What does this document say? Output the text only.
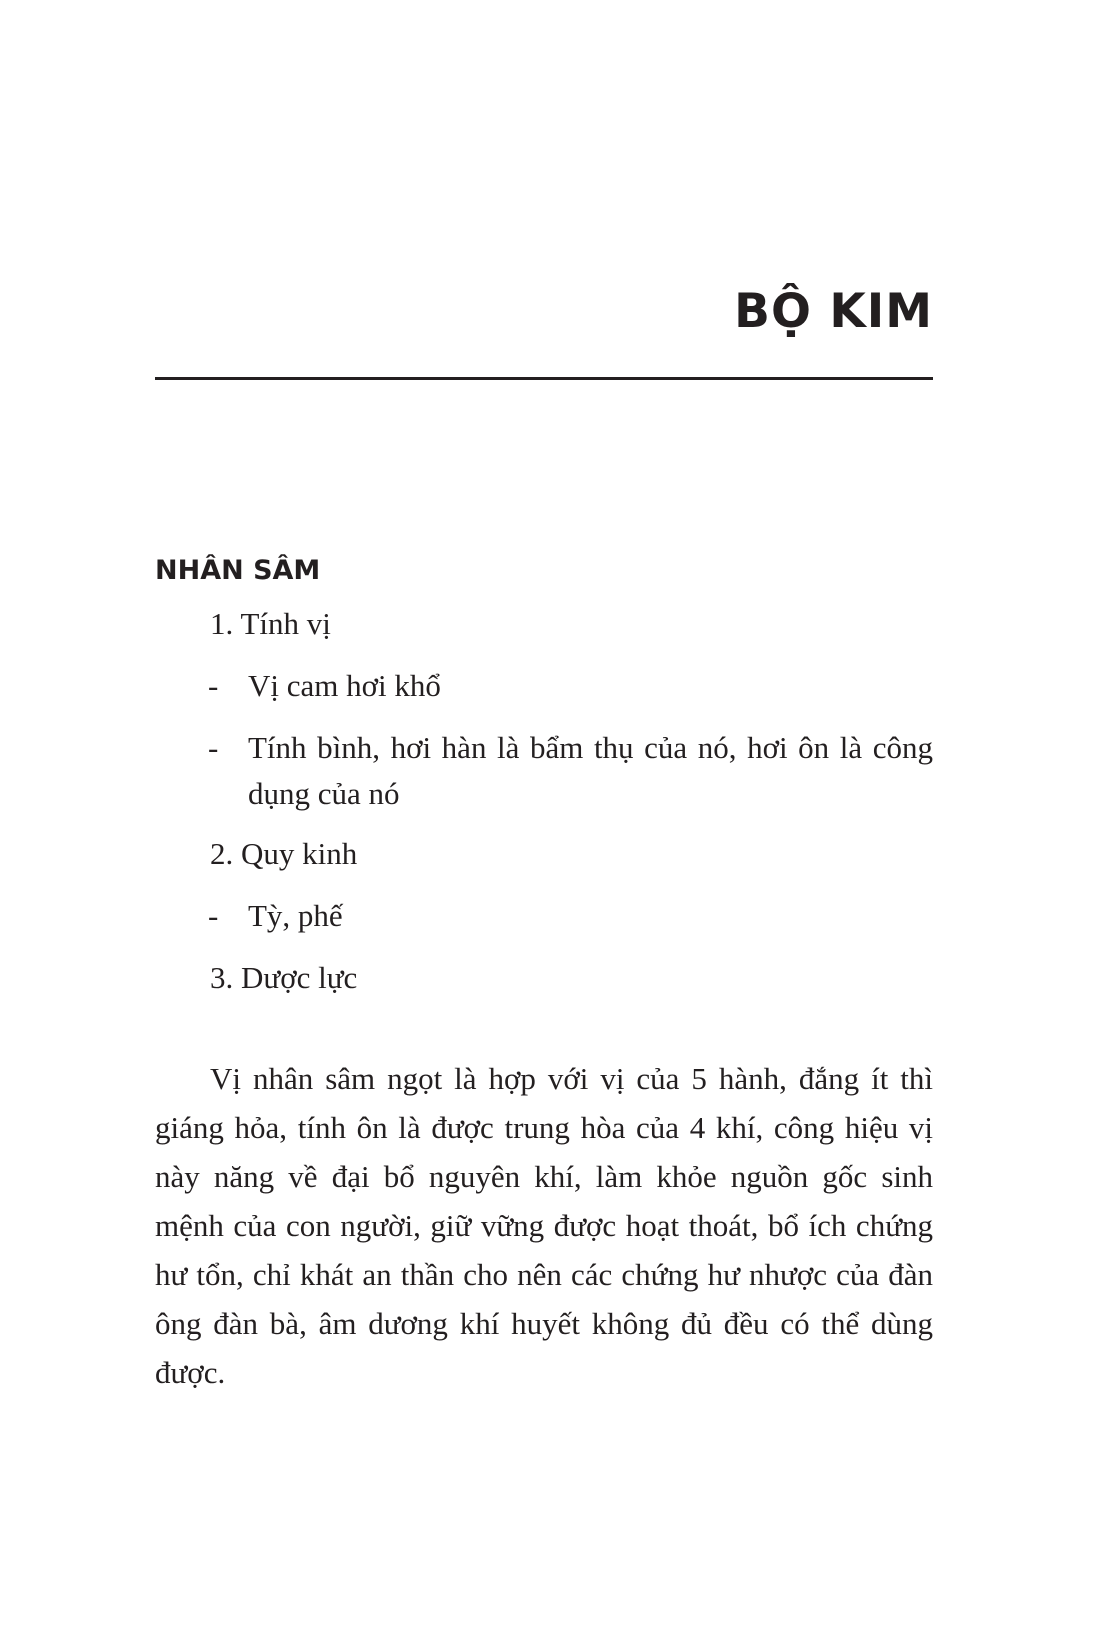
BỘ KIM
NHÂN SÂM

1. Tính vị

- Vị cam hơi khổ
- Tính bình, hơi hàn là bẩm thụ của nó, hơi ôn là công dụng của nó

2. Quy kinh

- Tỳ, phế

3. Dược lực

Vị nhân sâm ngọt là hợp với vị của 5 hành, đắng ít thì giáng hỏa, tính ôn là được trung hòa của 4 khí, công hiệu vị này năng về đại bổ nguyên khí, làm khỏe nguồn gốc sinh mệnh của con người, giữ vững được hoạt thoát, bổ ích chứng hư tổn, chỉ khát an thần cho nên các chứng hư nhược của đàn ông đàn bà, âm dương khí huyết không đủ đều có thể dùng được.
